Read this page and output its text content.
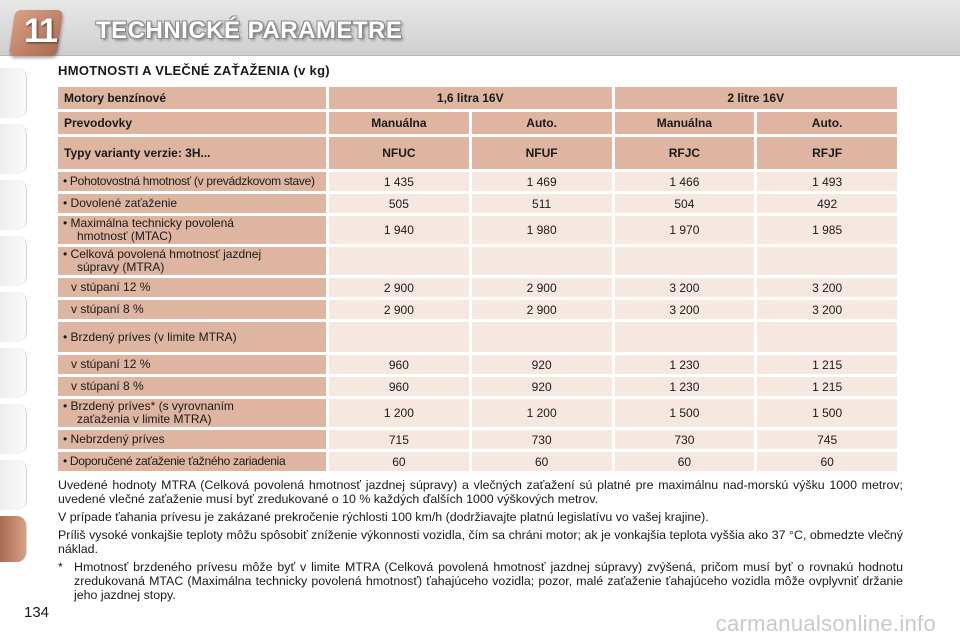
11 TECHNICKÉ PARAMETRE
HMOTNOSTI A VLEČNÉ ZAŤAŽENIA (v kg)
Motory benzínové	1,6 litra 16V		2 litre 16V	
Prevodovky	Manuálna	Auto.	Manuálna	Auto.
Typy varianty verzie: 3H...	NFUC	NFUF	RFJC	RFJF
• Pohotovostná hmotnosť (v prevádzkovom stave)	1 435	1 469	1 466	1 493
• Dovolené zaťaženie	505	511	504	492
• Maximálna technicky povolená
hmotnosť (MTAC)	1 940	1 980	1 970	1 985
• Celková povolená hmotnosť jazdnej
súpravy (MTRA)				

v stúpaní 12 %	2 900	2 900	3 200	3 200

v stúpaní 8 %	2 900	2 900	3 200	3 200
• Brzdený príves (v limite MTRA)				

v stúpaní 12 %	960	920	1 230	1 215

v stúpaní 8 %	960	920	1 230	1 215
• Brzdený príves* (s vyrovnaním
zaťaženia v limite MTRA)	1 200	1 200	1 500	1 500
• Nebrzdený príves	715	730	730	745
• Doporučené zaťaženie ťažného zariadenia	60	60	60	60

Uvedené hodnoty MTRA (Celková povolená hmotnosť jazdnej súpravy) a vlečných zaťažení sú platné pre maximálnu nad-morskú výšku 1000 metrov; uvedené vlečné zaťaženie musí byť zredukované o 10 % každých ďalších 1000 výškových metrov.

V prípade ťahania prívesu je zakázané prekročenie rýchlosti 100 km/h (dodržiavajte platnú legislatívu vo vašej krajine).

Príliš vysoké vonkajšie teploty môžu spôsobiť zníženie výkonnosti vozidla, čím sa chráni motor; ak je vonkajšia teplota vyššia ako 37 °C, obmedzte vlečný náklad.

* Hmotnosť brzdeného prívesu môže byť v limite MTRA (Celková povolená hmotnosť jazdnej súpravy) zvýšená, pričom musí byť o rovnakú hodnotu zredukovaná MTAC (Maximálna technicky povolená hmotnosť) ťahajúceho vozidla; pozor, malé zaťaženie ťahajúceho vozidla môže ovplyvniť držanie jeho jazdnej stopy.
134	carmanualsonline.info
